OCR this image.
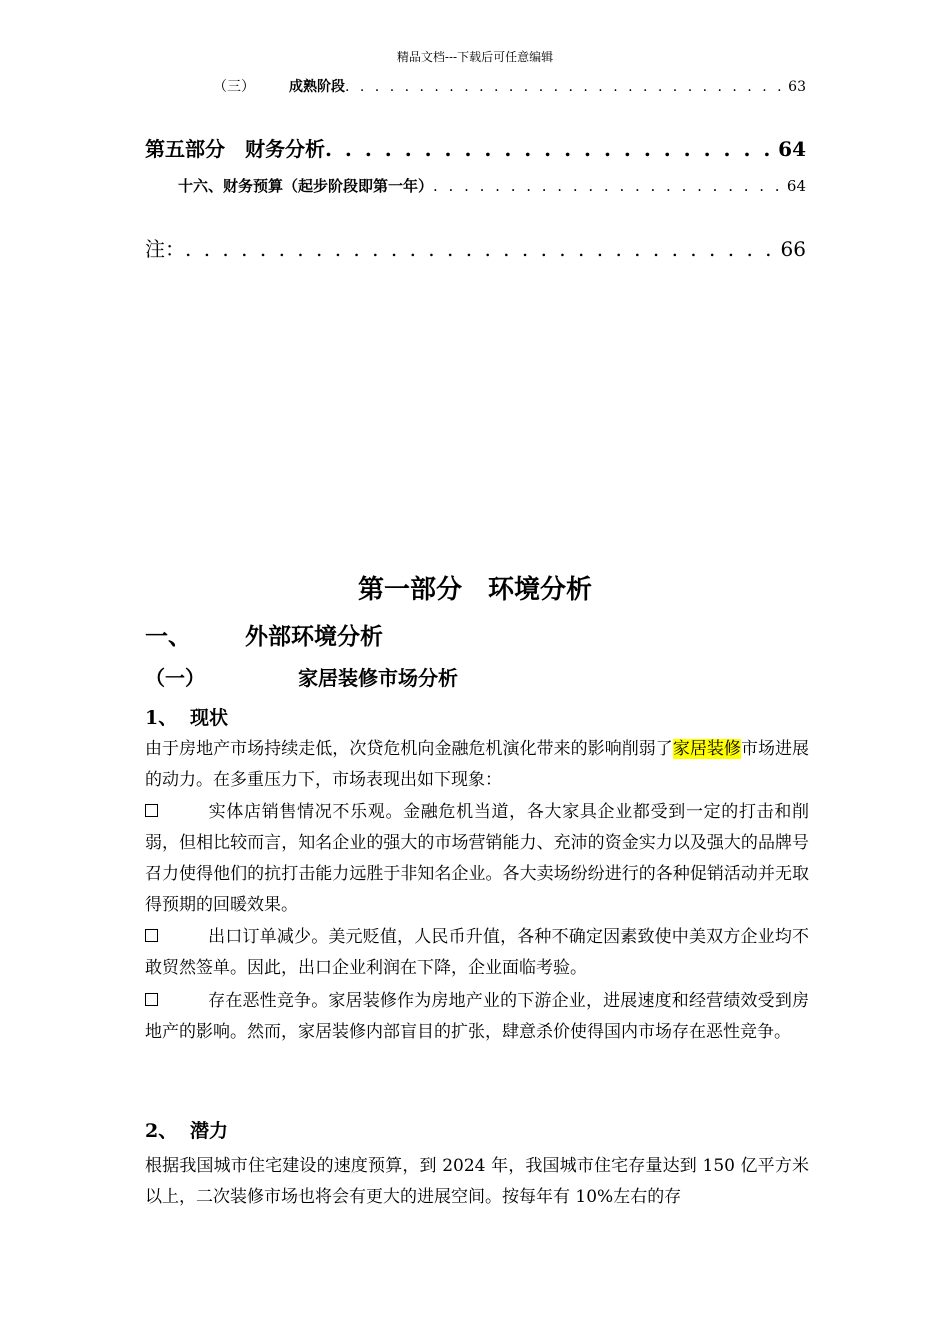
精品文档---下载后可任意编辑
（三） 成熟阶段 . . .	63
第五部分　财务分析 . . .	64
十六、财务预算（起步阶段即第一年） . . .	64
注： . . .	66
第一部分　环境分析
一、 外部环境分析
（一）	家居装修市场分析
1、 现状
由于房地产市场持续走低，次贷危机向金融危机演化带来的影响削弱了家居装修市场进展的动力。在多重压力下，市场表现出如下现象：
实体店销售情况不乐观。金融危机当道，各大家具企业都受到一定的打击和削弱，但相比较而言，知名企业的强大的市场营销能力、充沛的资金实力以及强大的品牌号召力使得他们的抗打击能力远胜于非知名企业。各大卖场纷纷进行的各种促销活动并无取得预期的回暖效果。
出口订单减少。美元贬值，人民币升值，各种不确定因素致使中美双方企业均不敢贸然签单。因此，出口企业利润在下降，企业面临考验。
存在恶性竞争。家居装修作为房地产业的下游企业，进展速度和经营绩效受到房地产的影响。然而，家居装修内部盲目的扩张，肆意杀价使得国内市场存在恶性竞争。
2、 潜力
根据我国城市住宅建设的速度预算，到 2024 年，我国城市住宅存量达到 150 亿平方米以上，二次装修市场也将会有更大的进展空间。按每年有 10%左右的存
